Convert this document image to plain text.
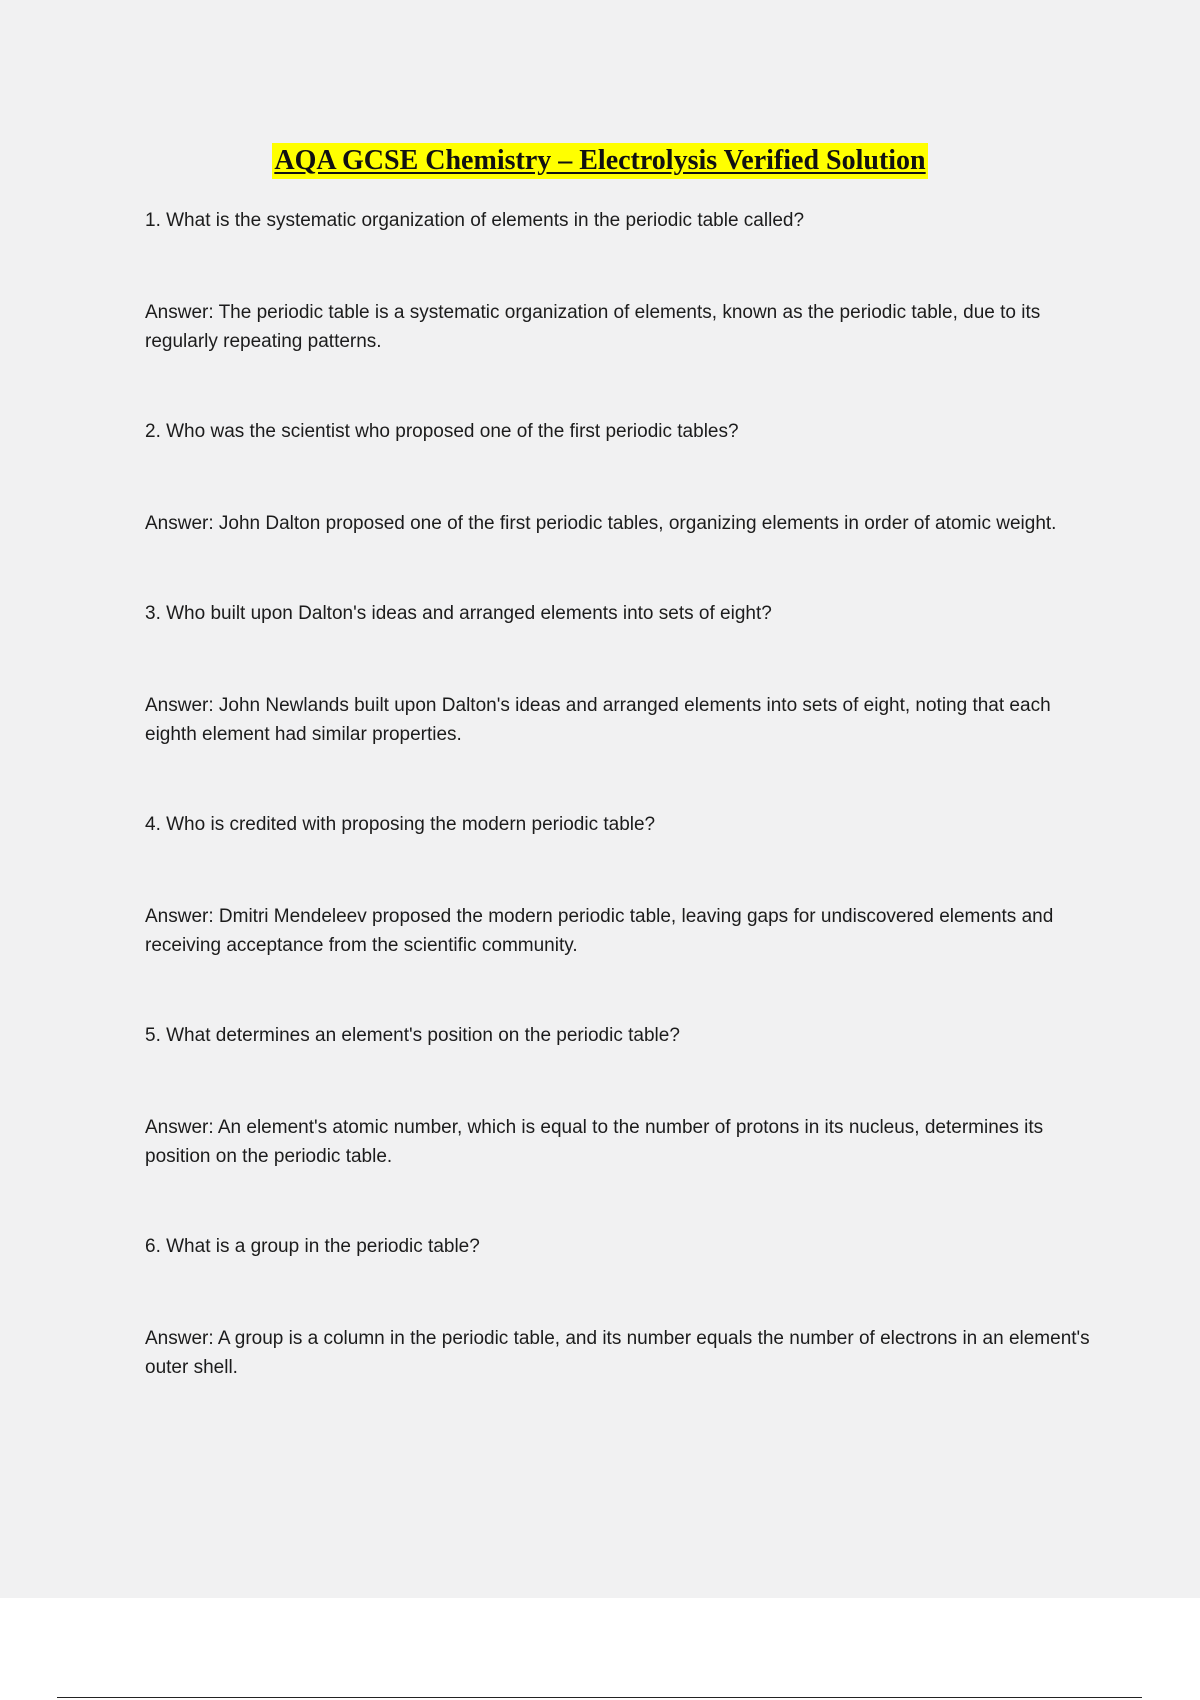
AQA GCSE Chemistry – Electrolysis Verified Solution

1. What is the systematic organization of elements in the periodic table called?

Answer: The periodic table is a systematic organization of elements, known as the periodic table, due to its regularly repeating patterns.

2. Who was the scientist who proposed one of the first periodic tables?

Answer: John Dalton proposed one of the first periodic tables, organizing elements in order of atomic weight.

3. Who built upon Dalton's ideas and arranged elements into sets of eight?

Answer: John Newlands built upon Dalton's ideas and arranged elements into sets of eight, noting that each eighth element had similar properties.

4. Who is credited with proposing the modern periodic table?

Answer: Dmitri Mendeleev proposed the modern periodic table, leaving gaps for undiscovered elements and receiving acceptance from the scientific community.

5. What determines an element's position on the periodic table?

Answer: An element's atomic number, which is equal to the number of protons in its nucleus, determines its position on the periodic table.

6. What is a group in the periodic table?

Answer: A group is a column in the periodic table, and its number equals the number of electrons in an element's outer shell.
